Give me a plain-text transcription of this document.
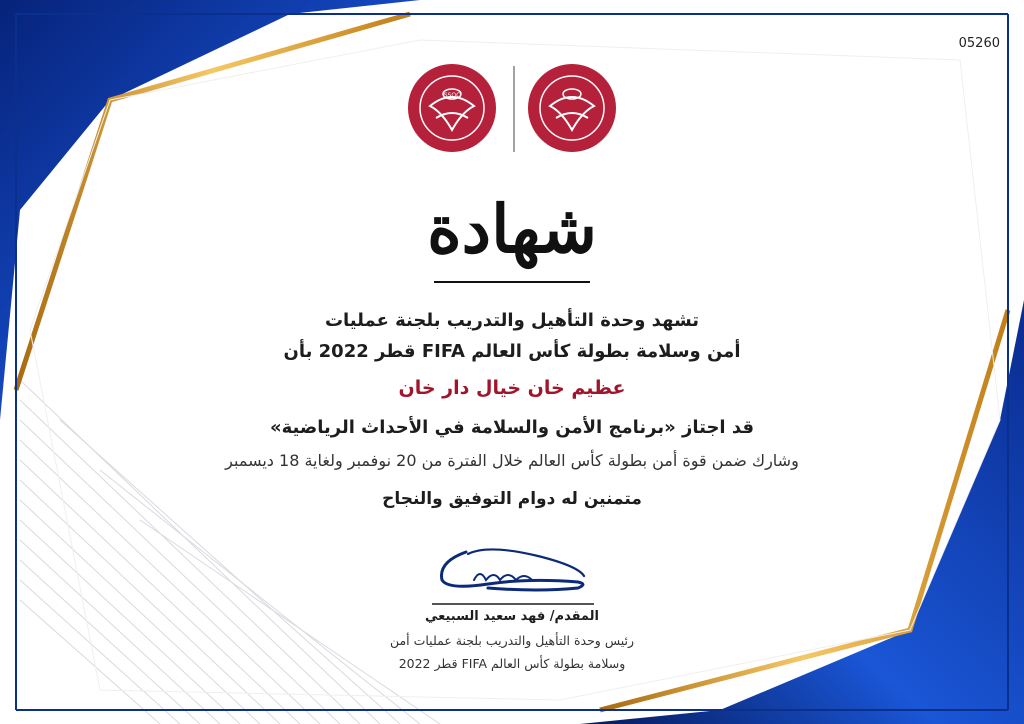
05260
SSOC
شهادة
تشهد وحدة التأهيل والتدريب بلجنة عمليات
أمن وسلامة بطولة كأس العالم FIFA قطر 2022 بأن
عظيم خان خيال دار خان
قد اجتاز «برنامج الأمن والسلامة في الأحداث الرياضية»
وشارك ضمن قوة أمن بطولة كأس العالم خلال الفترة من 20 نوفمبر ولغاية 18 ديسمبر
متمنين له دوام التوفيق والنجاح
المقدم/ فهد سعيد السبيعي
رئيس وحدة التأهيل والتدريب بلجنة عمليات أمن
وسلامة بطولة كأس العالم FIFA قطر 2022
